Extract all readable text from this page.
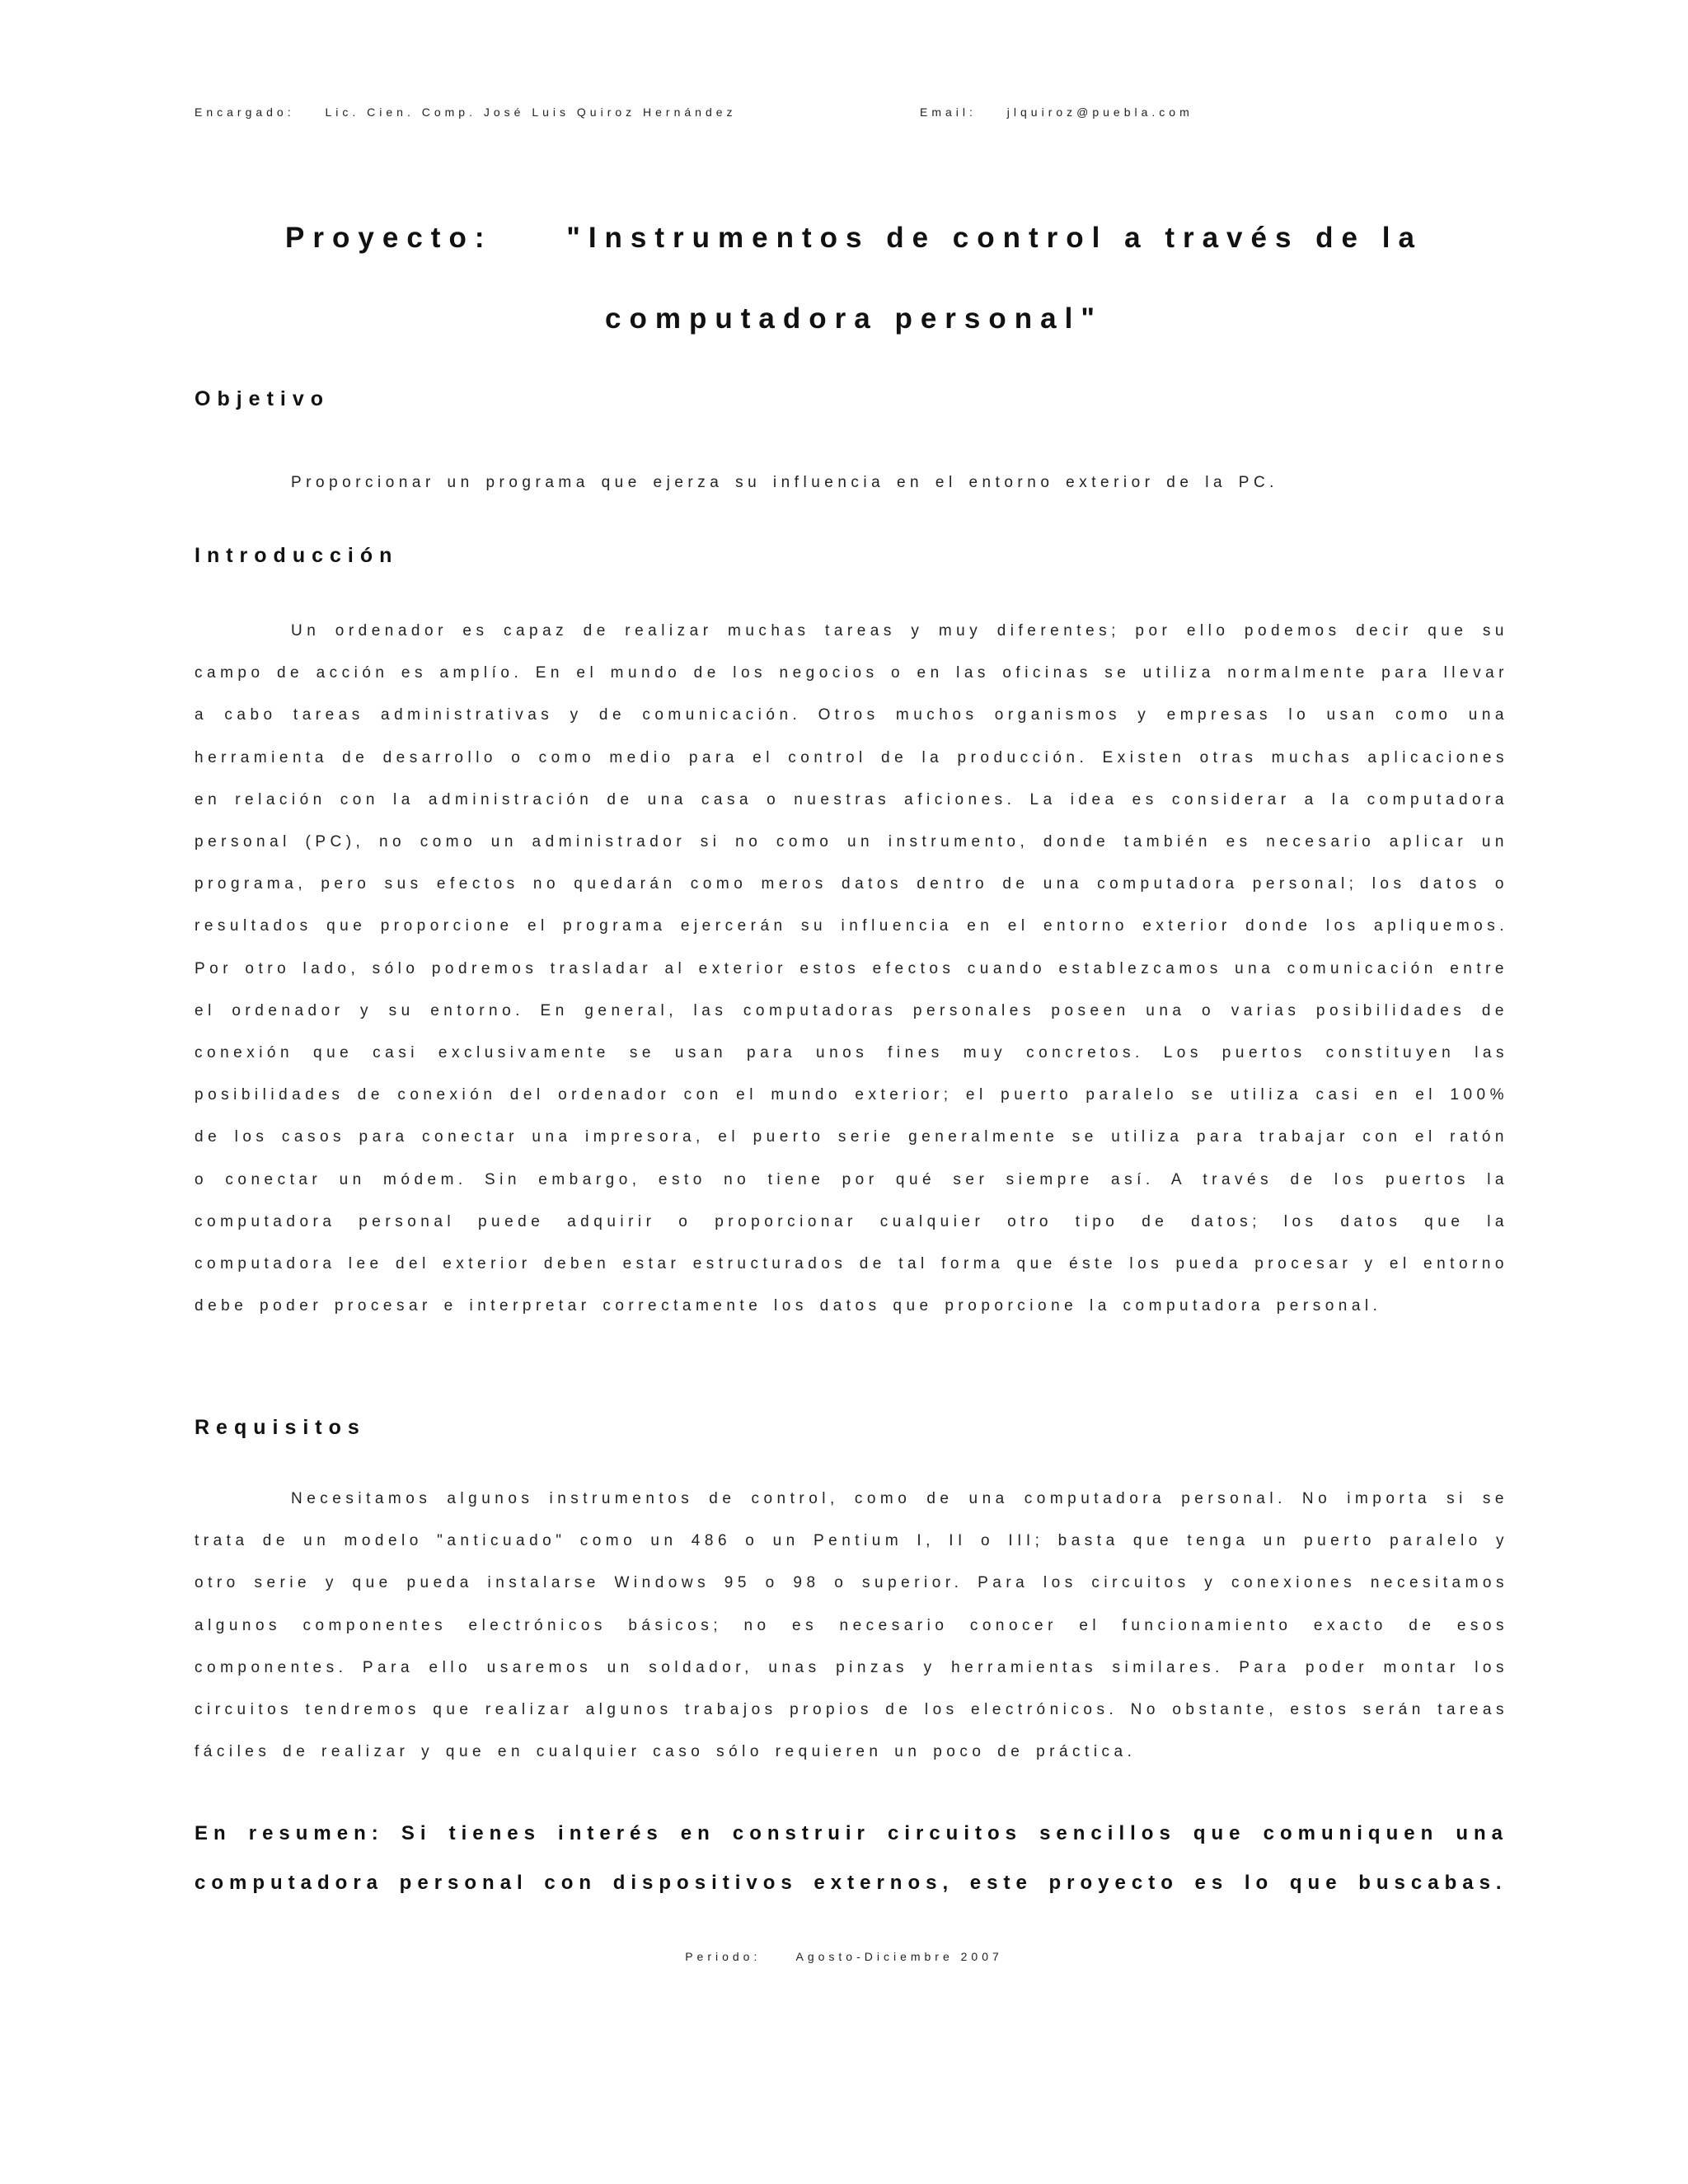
Encargado:	Lic. Cien. Comp. José Luis Quiroz Hernández	Email:	jlquiroz@puebla.com
Proyecto:	"Instrumentos de control a través de la computadora personal"
Objetivo

Proporcionar un programa que ejerza su influencia en el entorno exterior de la PC.

Introducción

Un ordenador es capaz de realizar muchas tareas y muy diferentes; por ello podemos decir que su campo de acción es amplío. En el mundo de los negocios o en las oficinas se utiliza normalmente para llevar a cabo tareas administrativas y de comunicación. Otros muchos organismos y empresas lo usan como una herramienta de desarrollo o como medio para el control de la producción. Existen otras muchas aplicaciones en relación con la administración de una casa o nuestras aficiones. La idea es considerar a la computadora personal (PC), no como un administrador si no como un instrumento, donde también es necesario aplicar un programa, pero sus efectos no quedarán como meros datos dentro de una computadora personal; los datos o resultados que proporcione el programa ejercerán su influencia en el entorno exterior donde los apliquemos. Por otro lado, sólo podremos trasladar al exterior estos efectos cuando establezcamos una comunicación entre el ordenador y su entorno. En general, las computadoras personales poseen una o varias posibilidades de conexión que casi exclusivamente se usan para unos fines muy concretos. Los puertos constituyen las posibilidades de conexión del ordenador con el mundo exterior; el puerto paralelo se utiliza casi en el 100% de los casos para conectar una impresora, el puerto serie generalmente se utiliza para trabajar con el ratón o conectar un módem. Sin embargo, esto no tiene por qué ser siempre así. A través de los puertos la computadora personal puede adquirir o proporcionar cualquier otro tipo de datos; los datos que la computadora lee del exterior deben estar estructurados de tal forma que éste los pueda procesar y el entorno debe poder procesar e interpretar correctamente los datos que proporcione la computadora personal.

Requisitos

Necesitamos algunos instrumentos de control, como de una computadora personal. No importa si se trata de un modelo "anticuado" como un 486 o un Pentium I, II o III; basta que tenga un puerto paralelo y otro serie y que pueda instalarse Windows 95 o 98 o superior. Para los circuitos y conexiones necesitamos algunos componentes electrónicos básicos; no es necesario conocer el funcionamiento exacto de esos componentes. Para ello usaremos un soldador, unas pinzas y herramientas similares. Para poder montar los circuitos tendremos que realizar algunos trabajos propios de los electrónicos. No obstante, estos serán tareas fáciles de realizar y que en cualquier caso sólo requieren un poco de práctica.

En resumen: Si tienes interés en construir circuitos sencillos que comuniquen una computadora personal con dispositivos externos, este proyecto es lo que buscabas.

Periodo:	Agosto-Diciembre 2007
